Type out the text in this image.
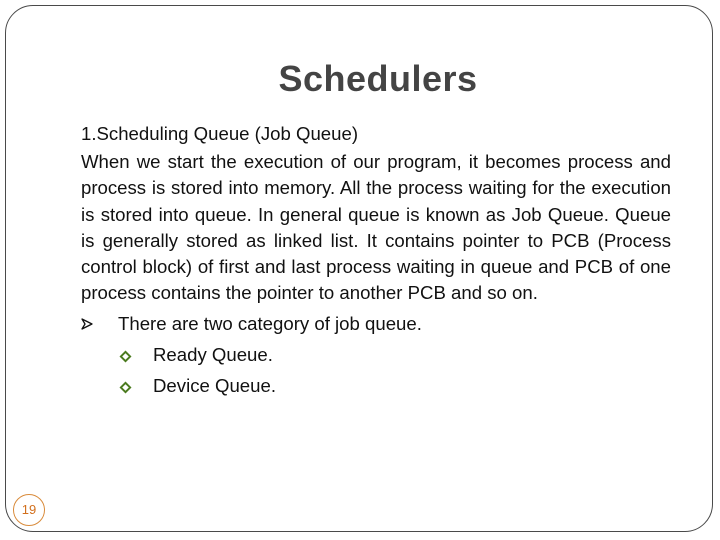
Schedulers
1.Scheduling Queue (Job Queue)
When we start the execution of our program, it becomes process and process is stored into memory. All the process waiting for the execution is stored into queue. In general queue is known as Job Queue. Queue is generally stored as linked list. It contains pointer to PCB (Process control block) of first and last process waiting in queue and PCB of one process contains the pointer to another PCB and so on.
There are two category of job queue.
Ready Queue.
Device Queue.
19
